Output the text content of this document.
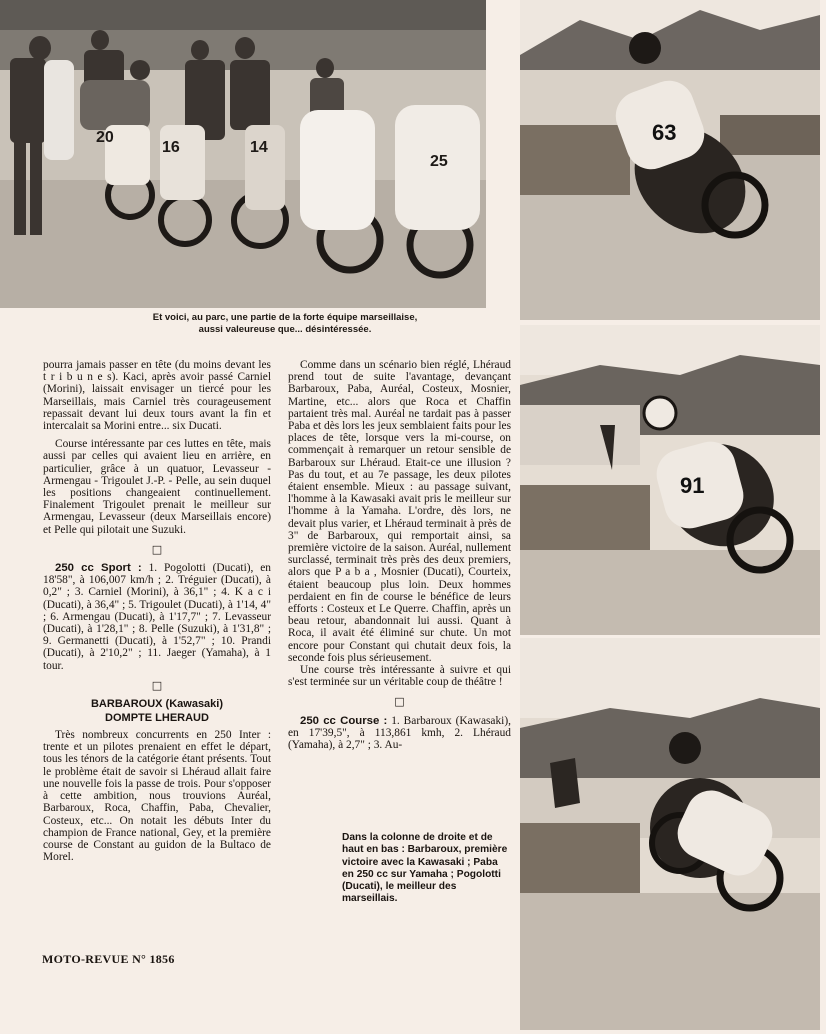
20
16	14
25
Et voici, au parc, une partie de la forte équipe marseillaise, aussi valeureuse que... désintéressée.
63
91

pourra jamais passer en tête (du moins devant les t r i b u n e s). Kaci, après avoir passé Carniel (Morini), laissait envisager un tiercé pour les Marseillais, mais Carniel très courageusement repassait devant lui deux tours avant la fin et intercalait sa Morini entre... six Ducati.

Course intéressante par ces luttes en tête, mais aussi par celles qui avaient lieu en arrière, en particulier, grâce à un quatuor, Levasseur - Armengau - Trigoulet J.-P. - Pelle, au sein duquel les positions changeaient continuellement. Finalement Trigoulet prenait le meilleur sur Armengau, Levasseur (deux Marseillais encore) et Pelle qui pilotait une Suzuki.

□

250 cc Sport : 1. Pogolotti (Ducati), en 18'58", à 106,007 km/h ; 2. Tréguier (Ducati), à 0,2" ; 3. Carniel (Morini), à 36,1" ; 4. K a c i (Ducati), à 36,4" ; 5. Trigoulet (Ducati), à 1'14, 4" ; 6. Armengau (Ducati), à 1'17,7" ; 7. Levasseur (Ducati), à 1'28,1" ; 8. Pelle (Suzuki), à 1'31,8" ; 9. Germanetti (Ducati), à 1'52,7" ; 10. Prandi (Ducati), à 2'10,2" ; 11. Jaeger (Yamaha), à 1 tour.

□
BARBAROUX (Kawasaki)
DOMPTE LHERAUD

Très nombreux concurrents en 250 Inter : trente et un pilotes prenaient en effet le départ, tous les ténors de la catégorie étant présents. Tout le problème était de savoir si Lhéraud allait faire une nouvelle fois la passe de trois. Pour s'opposer à cette ambition, nous trouvions Auréal, Barbaroux, Roca, Chaffin, Paba, Chevalier, Costeux, etc... On notait les débuts Inter du champion de France national, Gey, et la première course de Constant au guidon de la Bultaco de Morel.

Comme dans un scénario bien réglé, Lhéraud prend tout de suite l'avantage, devançant Barbaroux, Paba, Auréal, Costeux, Mosnier, Martine, etc... alors que Roca et Chaffin partaient très mal. Auréal ne tardait pas à passer Paba et dès lors les jeux semblaient faits pour les places de tête, lorsque vers la mi-course, on commençait à remarquer un retour sensible de Barbaroux sur Lhéraud. Etait-ce une illusion ? Pas du tout, et au 7e passage, les deux pilotes étaient ensemble. Mieux : au passage suivant, l'homme à la Kawasaki avait pris le meilleur sur l'homme à la Yamaha. L'ordre, dès lors, ne devait plus varier, et Lhéraud terminait à près de 3" de Barbaroux, qui remportait ainsi, sa première victoire de la saison. Auréal, nullement surclassé, terminait très près des deux premiers, alors que P a b a , Mosnier (Ducati), Courteix, étaient beaucoup plus loin. Deux hommes perdaient en fin de course le bénéfice de leurs efforts : Costeux et Le Querre. Chaffin, après un beau retour, abandonnait lui aussi. Quant à Roca, il avait été éliminé sur chute. Un mot encore pour Constant qui chutait deux fois, la seconde fois plus sérieusement.

Une course très intéressante à suivre et qui s'est terminée sur un véritable coup de théâtre !

□

250 cc Course : 1. Barbaroux (Kawasaki), en 17'39,5", à 113,861 kmh, 2. Lhéraud (Yamaha), à 2,7" ; 3. Au-

Dans la colonne de droite et de haut en bas : Barbaroux, première victoire avec la Kawasaki ; Paba en 250 cc sur Yamaha ; Pogolotti (Ducati), le meilleur des marseillais.
MOTO-REVUE N° 1856
